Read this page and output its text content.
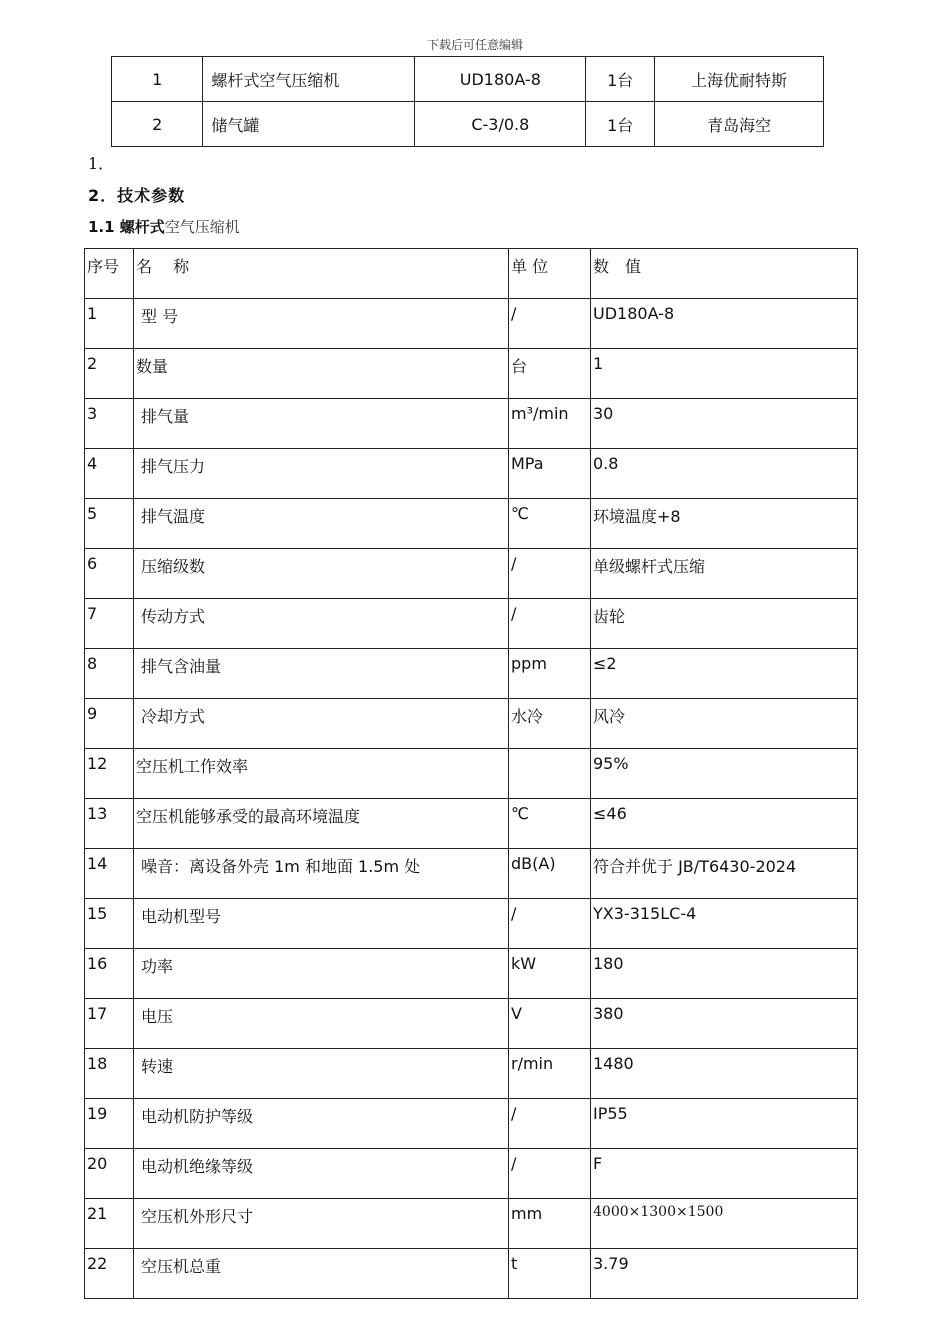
下载后可任意编辑
1	螺杆式空气压缩机	UD180A-8	1台	上海优耐特斯
2	储气罐	C-3/0.8	1台	青岛海空
1．
2．技术参数
1.1 螺杆式空气压缩机
序号	名　 称	单 位	数　值
1	型 号	/	UD180A-8
2	数量	台	1
3	排气量	m³/min	30
4	排气压力	MPa	0.8
5	排气温度	℃	环境温度+8
6	压缩级数	/	单级螺杆式压缩
7	传动方式	/	齿轮
8	排气含油量	ppm	≤2
9	冷却方式	水冷	风冷
12	空压机工作效率		95%
13	空压机能够承受的最高环境温度	℃	≤46
14	噪音：离设备外壳 1m 和地面 1.5m 处	dB(A)	符合并优于 JB/T6430-2024
15	电动机型号	/	YX3-315LC-4
16	功率	kW	180
17	电压	V	380
18	转速	r/min	1480
19	电动机防护等级	/	IP55
20	电动机绝缘等级	/	F
21	空压机外形尺寸	mm	4000×1300×1500
22	空压机总重	t	3.79
